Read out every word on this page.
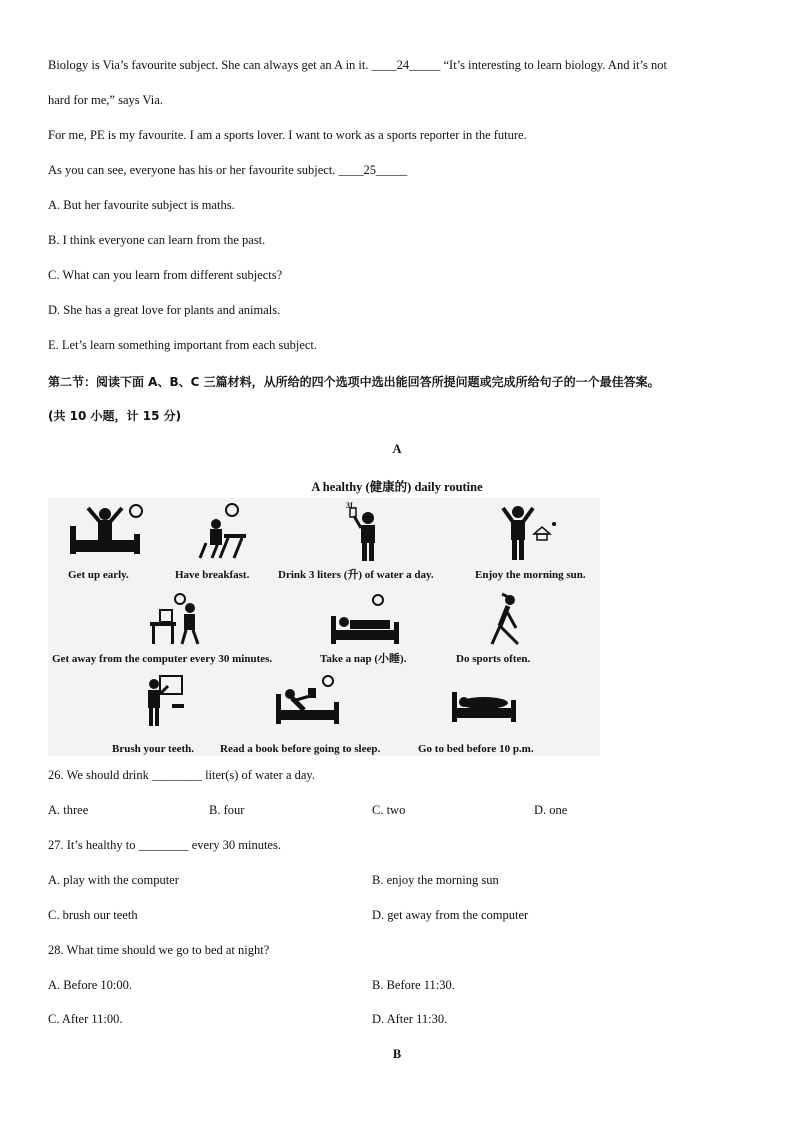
Biology is Via’s favourite subject. She can always get an A in it. ____24_____ “It’s interesting to learn biology. And it’s not
hard for me,” says Via.
For me, PE is my favourite. I am a sports lover. I want to work as a sports reporter in the future.
As you can see, everyone has his or her favourite subject. ____25_____
A. But her favourite subject is maths.
B. I think everyone can learn from the past.
C. What can you learn from different subjects?
D. She has a great love for plants and animals.
E. Let’s learn something important from each subject.
第二节：阅读下面 A、B、C 三篇材料，从所给的四个选项中选出能回答所提问题或完成所给句子的一个最佳答案。
(共 10 小题，计 15 分)
A
A healthy (健康的) daily routine
3L
Get up early.	Have breakfast.	Drink 3 liters (升) of water a day.	Enjoy the morning sun.
Get away from the computer every 30 minutes.	Take a nap (小睡).	Do sports often.
Brush your teeth. Read a book before going to sleep.	Go to bed before 10 p.m.
26. We should drink ________ liter(s) of water a day.
A. three	B. four	C. two	D. one
27. It’s healthy to ________ every 30 minutes.
A. play with the computer	B. enjoy the morning sun
C. brush our teeth	D. get away from the computer
28. What time should we go to bed at night?
A. Before 10:00.	B. Before 11:30.
C. After 11:00.	D. After 11:30.
B
